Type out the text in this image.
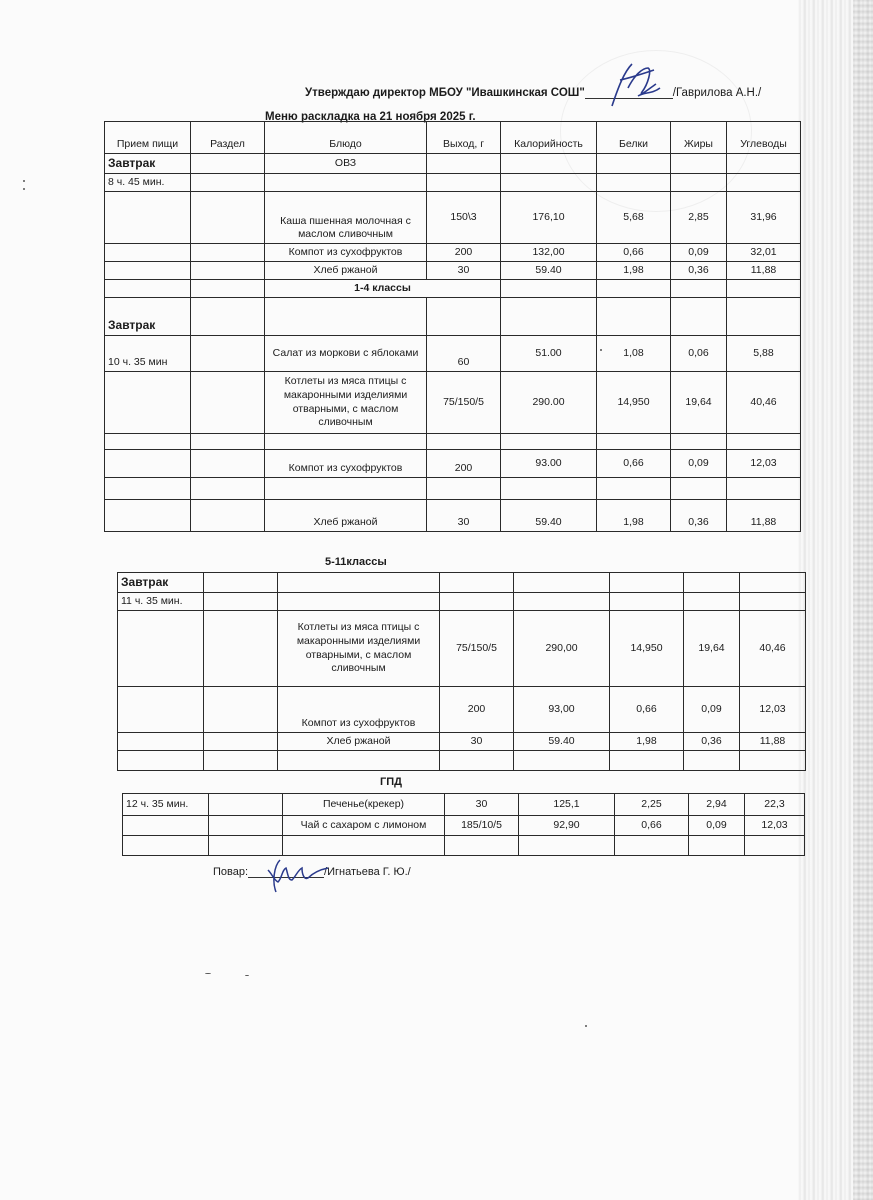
Утверждаю директор МБОУ "Ивашкинская СОШ"	/Гаврилова А.Н./
Меню раскладка на 21 ноября 2025 г.
Прием пищи	Раздел	Блюдо	Выход, г	Калорийность	Белки	Жиры	Углеводы
Завтрак		ОВЗ					
8 ч. 45 мин.							
		Каша пшенная молочная с маслом сливочным	150\3	176,10	5,68	2,85	31,96
		Компот из сухофруктов	200	132,00	0,66	0,09	32,01
		Хлеб ржаной	30	59.40	1,98	0,36	11,88
		1-4 классы					
Завтрак							
10 ч. 35 мин		Салат из моркови с яблоками	60	51.00	1,08	0,06	5,88
		Котлеты из мяса птицы с макаронными изделиями отварными, с маслом сливочным	75/150/5	290.00	14,950	19,64	40,46

		Компот из сухофруктов	200	93.00	0,66	0,09	12,03

		Хлеб ржаной	30	59.40	1,98	0,36	11,88
5-11классы
Завтрак							
11 ч. 35 мин.							
		Котлеты из мяса птицы с макаронными изделиями отварными, с маслом сливочным	75/150/5	290,00	14,950	19,64	40,46
		Компот из сухофруктов	200	93,00	0,66	0,09	12,03
		Хлеб ржаной	30	59.40	1,98	0,36	11,88

ГПД
12 ч. 35 мин.		Печенье(крекер)	30	125,1	2,25	2,94	22,3
		Чай с сахаром с лимоном	185/10/5	92,90	0,66	0,09	12,03

Повар:	/Игнатьева Г. Ю./
